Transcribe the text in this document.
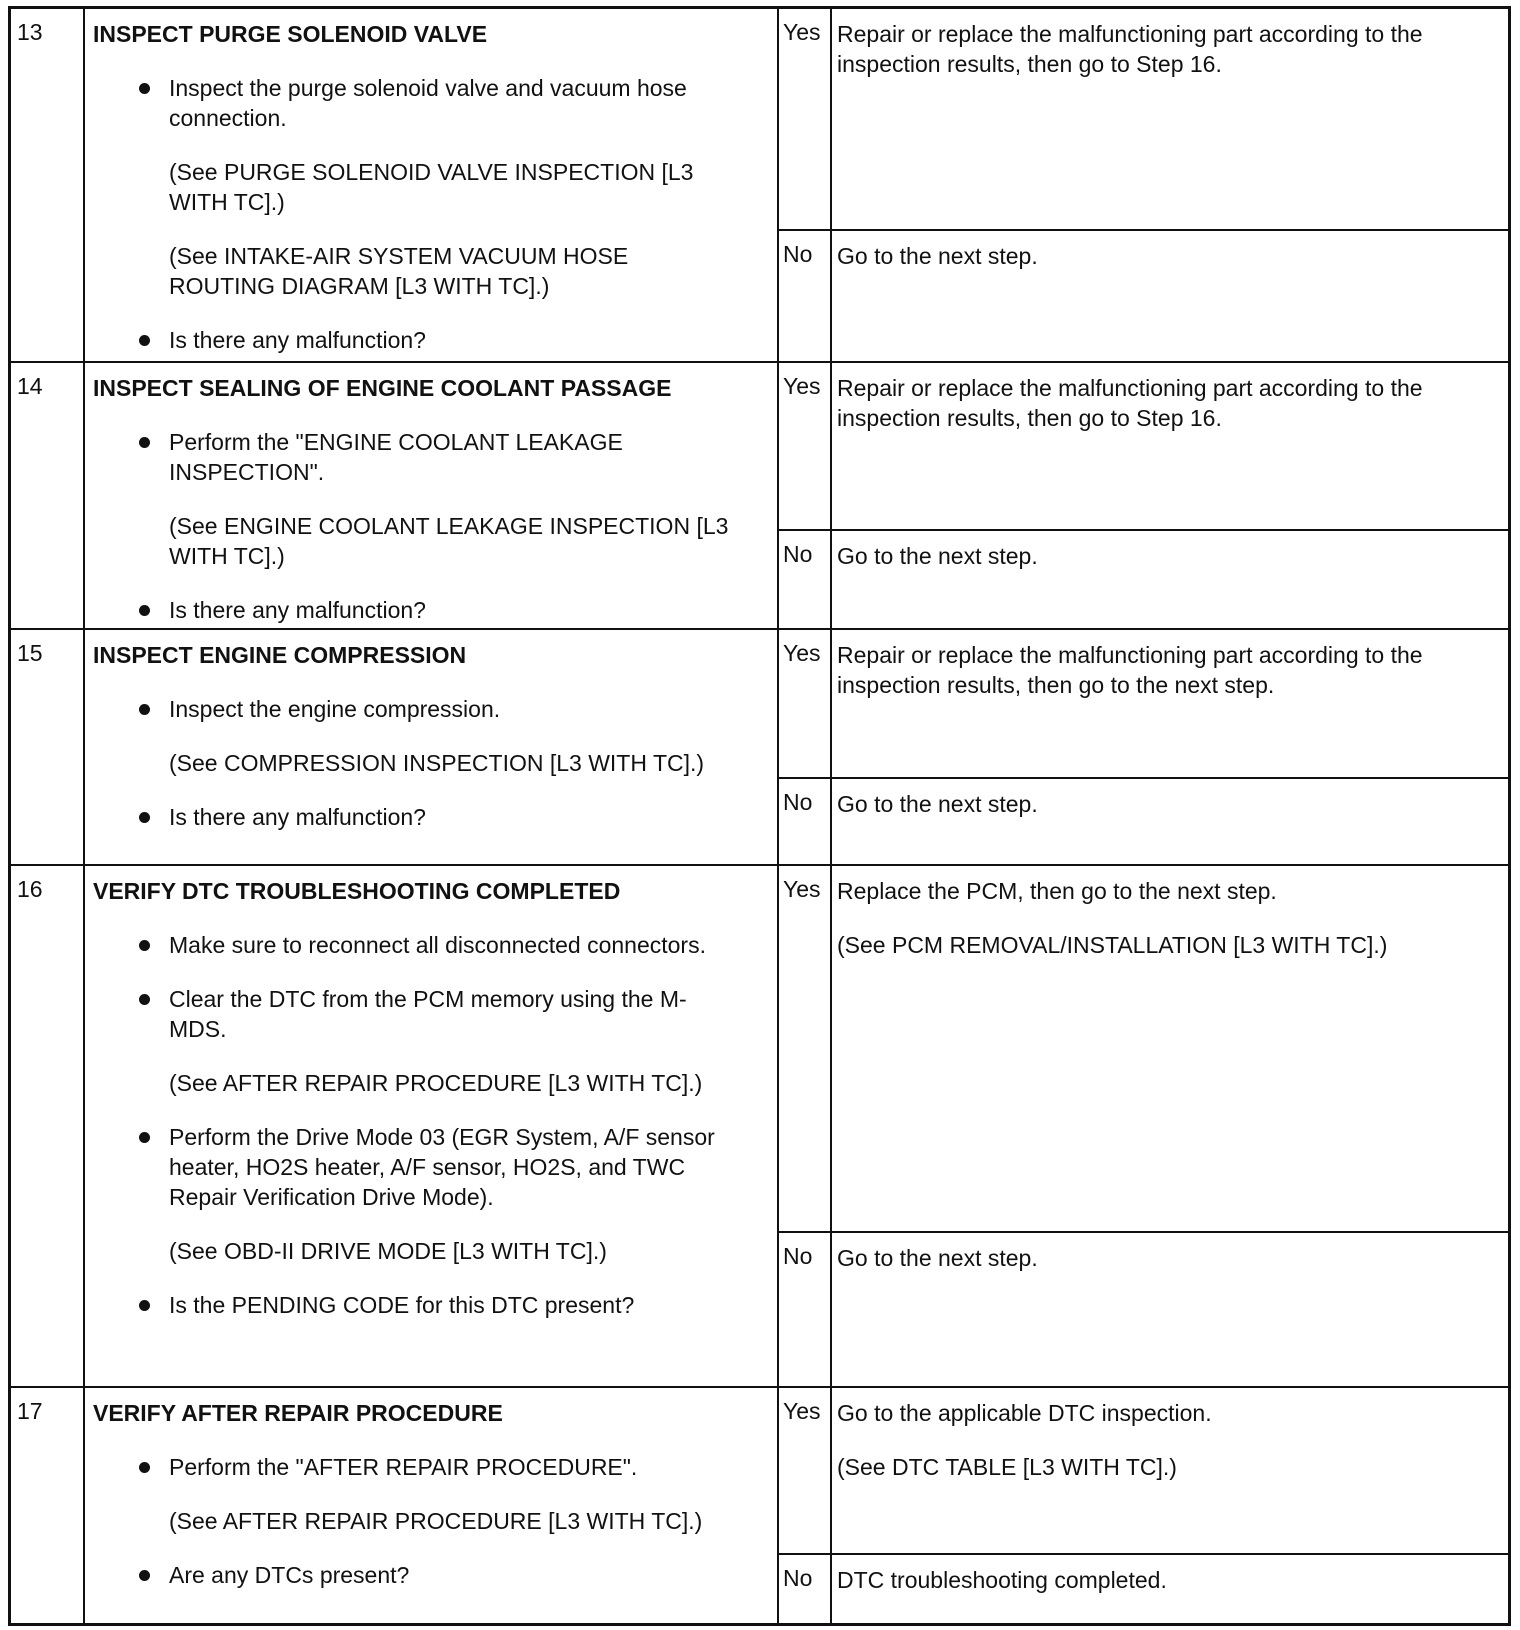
13 INSPECT PURGE SOLENOID VALVE
Inspect the purge solenoid valve and vacuum hose connection.
(See PURGE SOLENOID VALVE INSPECTION [L3 WITH TC].)
(See INTAKE-AIR SYSTEM VACUUM HOSE ROUTING DIAGRAM [L3 WITH TC].)
Is there any malfunction?
Yes Repair or replace the malfunctioning part according to the inspection results, then go to Step 16.

No Go to the next step.

14 INSPECT SEALING OF ENGINE COOLANT PASSAGE
Perform the "ENGINE COOLANT LEAKAGE INSPECTION".
(See ENGINE COOLANT LEAKAGE INSPECTION [L3 WITH TC].)
Is there any malfunction?
Yes Repair or replace the malfunctioning part according to the inspection results, then go to Step 16.

No Go to the next step.

15 INSPECT ENGINE COMPRESSION
Inspect the engine compression.
(See COMPRESSION INSPECTION [L3 WITH TC].)
Is there any malfunction?
Yes Repair or replace the malfunctioning part according to the inspection results, then go to the next step.

No Go to the next step.

16 VERIFY DTC TROUBLESHOOTING COMPLETED
Make sure to reconnect all disconnected connectors.
Clear the DTC from the PCM memory using the M-MDS.
(See AFTER REPAIR PROCEDURE [L3 WITH TC].)
Perform the Drive Mode 03 (EGR System, A/F sensor heater, HO2S heater, A/F sensor, HO2S, and TWC Repair Verification Drive Mode).
(See OBD-II DRIVE MODE [L3 WITH TC].)
Is the PENDING CODE for this DTC present?
Yes Replace the PCM, then go to the next step.

(See PCM REMOVAL/INSTALLATION [L3 WITH TC].)

No Go to the next step.

17 VERIFY AFTER REPAIR PROCEDURE
Perform the "AFTER REPAIR PROCEDURE".
(See AFTER REPAIR PROCEDURE [L3 WITH TC].)
Are any DTCs present?
Yes Go to the applicable DTC inspection.

(See DTC TABLE [L3 WITH TC].)

No DTC troubleshooting completed.
